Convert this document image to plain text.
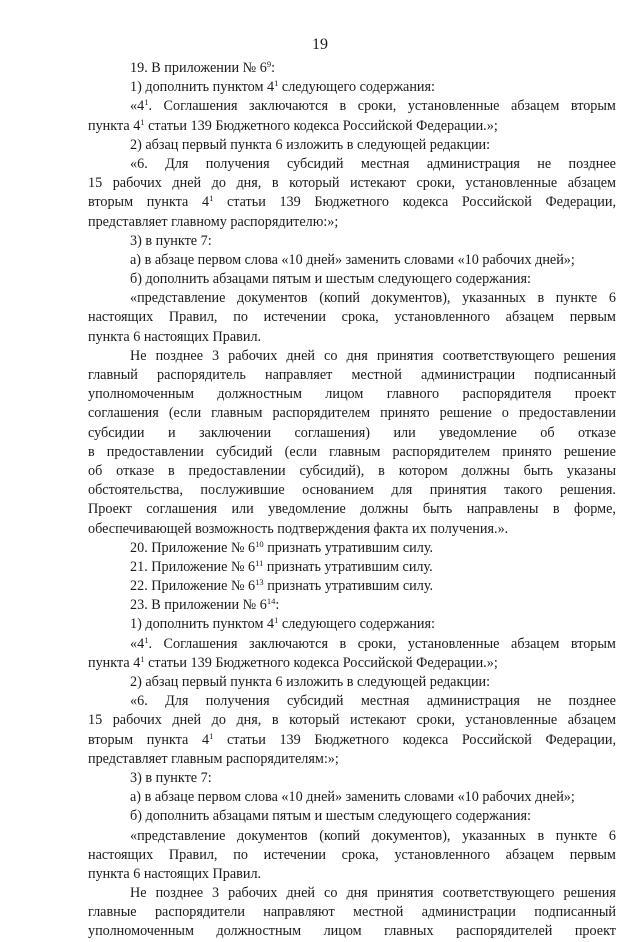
19
19. В приложении № $6^9$:
1) дополнить пунктом $4^1$ следующего содержания:
«$4^1$. Соглашения заключаются в сроки, установленные абзацем вторым
пункта $4^1$ статьи 139 Бюджетного кодекса Российской Федерации.»;
2) абзац первый пункта 6 изложить в следующей редакции:
«6. Для получения субсидий местная администрация не позднее
15 рабочих дней до дня, в который истекают сроки, установленные абзацем
вторым пункта $4^1$ статьи 139 Бюджетного кодекса Российской Федерации,
представляет главному распорядителю:»;
3) в пункте 7:
а) в абзаце первом слова «10 дней» заменить словами «10 рабочих дней»;
б) дополнить абзацами пятым и шестым следующего содержания:
«представление документов (копий документов), указанных в пункте 6
настоящих Правил, по истечении срока, установленного абзацем первым
пункта 6 настоящих Правил.
Не позднее 3 рабочих дней со дня принятия соответствующего решения
главный распорядитель направляет местной администрации подписанный
уполномоченным должностным лицом главного распорядителя проект
соглашения (если главным распорядителем принято решение о предоставлении
субсидии и заключении соглашения) или уведомление об отказе
в предоставлении субсидий (если главным распорядителем принято решение
об отказе в предоставлении субсидий), в котором должны быть указаны
обстоятельства, послужившие основанием для принятия такого решения.
Проект соглашения или уведомление должны быть направлены в форме,
обеспечивающей возможность подтверждения факта их получения.».
20. Приложение № $6^{10}$ признать утратившим силу.
21. Приложение № $6^{11}$ признать утратившим силу.
22. Приложение № $6^{13}$ признать утратившим силу.
23. В приложении № $6^{14}$:
1) дополнить пунктом $4^1$ следующего содержания:
«$4^1$. Соглашения заключаются в сроки, установленные абзацем вторым
пункта $4^1$ статьи 139 Бюджетного кодекса Российской Федерации.»;
2) абзац первый пункта 6 изложить в следующей редакции:
«6. Для получения субсидий местная администрация не позднее
15 рабочих дней до дня, в который истекают сроки, установленные абзацем
вторым пункта $4^1$ статьи 139 Бюджетного кодекса Российской Федерации,
представляет главным распорядителям:»;
3) в пункте 7:
а) в абзаце первом слова «10 дней» заменить словами «10 рабочих дней»;
б) дополнить абзацами пятым и шестым следующего содержания:
«представление документов (копий документов), указанных в пункте 6
настоящих Правил, по истечении срока, установленного абзацем первым
пункта 6 настоящих Правил.
Не позднее 3 рабочих дней со дня принятия соответствующего решения
главные распорядители направляют местной администрации подписанный
уполномоченным должностным лицом главных распорядителей проект
